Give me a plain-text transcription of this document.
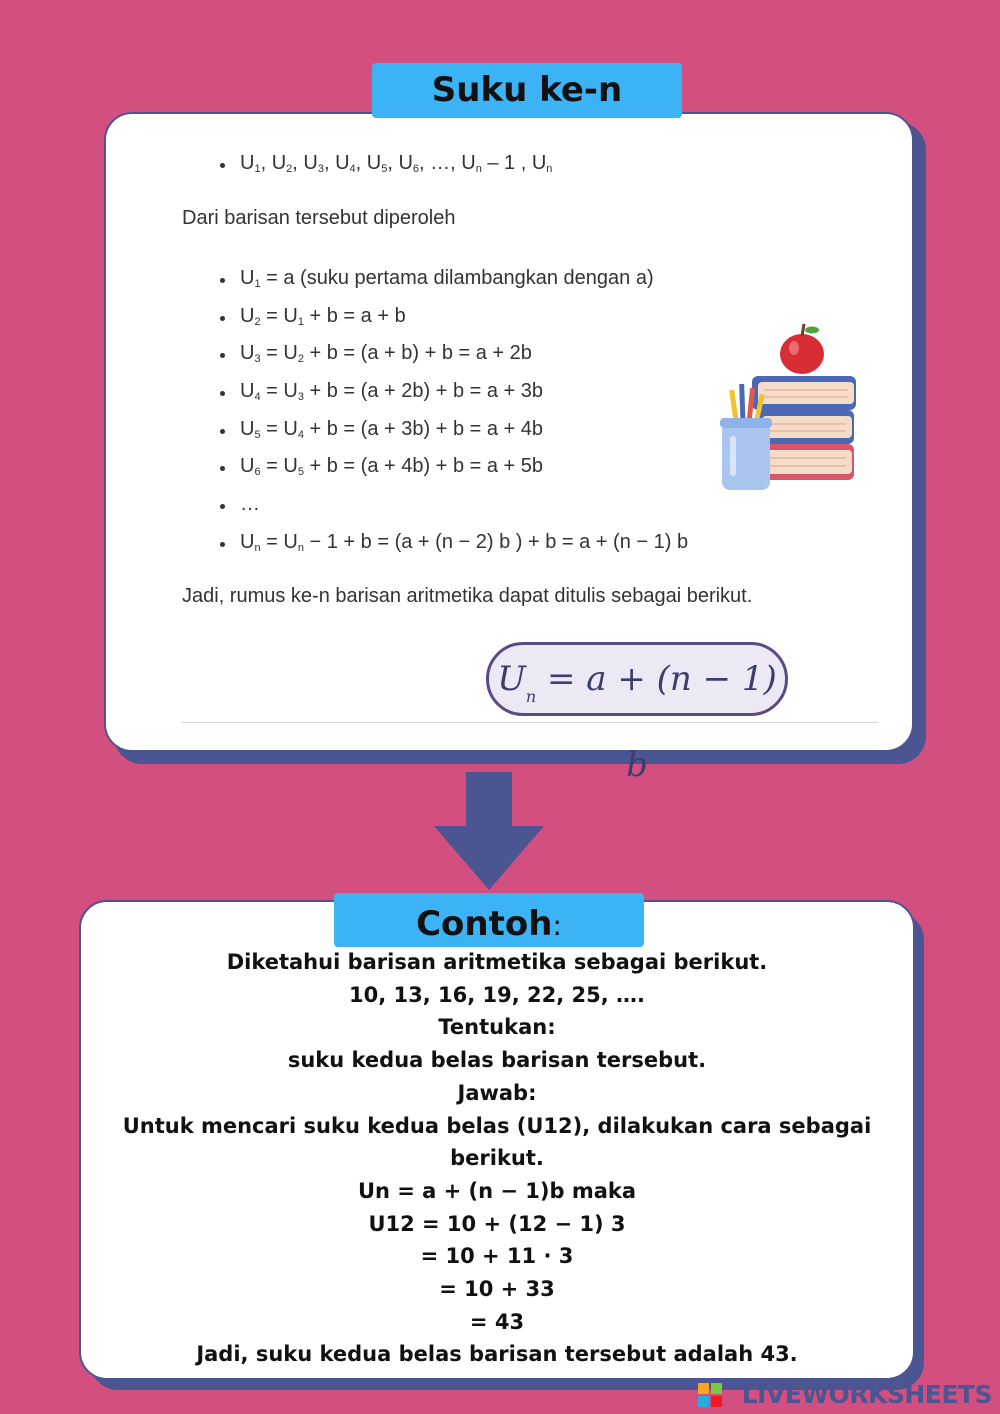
Suku ke-n
$U_1$, $U_2$, $U_3$, $U_4$, $U_5$, $U_6$, …, $U_n - 1$ , $U_n$
Dari barisan tersebut diperoleh
$U_1 = a$ (suku pertama dilambangkan dengan a)
$U_2 = U_1 + b = a + b$
$U_3 = U_2 + b = (a + b) + b = a + 2b$
$U_4 = U_3 + b = (a + 2b) + b = a + 3b$
$U_5 = U_4 + b = (a + 3b) + b = a + 4b$
$U_6 = U_5 + b = (a + 4b) + b = a + 5b$
…
$U_n = U_n - 1 + b = (a + (n - 2)$ b ) + b = a + (n − 1) b
Jadi, rumus ke-n barisan aritmetika dapat ditulis sebagai berikut.
$U_n = a + (n - 1)$ b
Contoh:
Diketahui barisan aritmetika sebagai berikut.
10, 13, 16, 19, 22, 25, ….
Tentukan:
suku kedua belas barisan tersebut.
Jawab:
Untuk mencari suku kedua belas (U12), dilakukan cara sebagai
berikut.
Un = a + (n − 1)b maka
U12 = 10 + (12 − 1) 3
= 10 + 11 · 3
= 10 + 33
= 43
Jadi, suku kedua belas barisan tersebut adalah 43.
LIVEWORKSHEETS
